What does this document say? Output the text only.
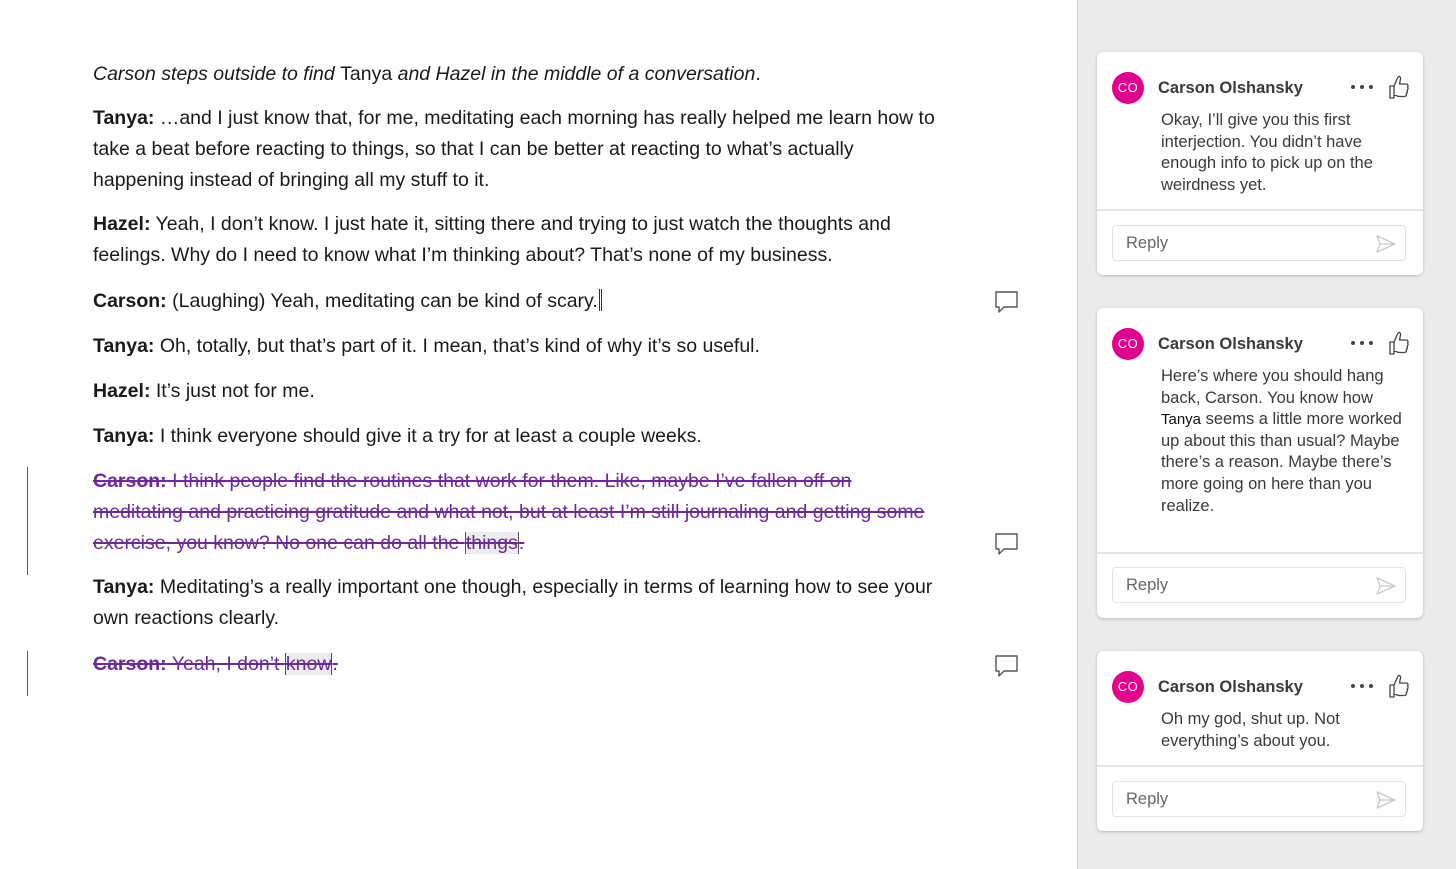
Carson steps outside to find Tanya and Hazel in the middle of a conversation.

Tanya: …and I just know that, for me, meditating each morning has really helped me learn how to take a beat before reacting to things, so that I can be better at reacting to what’s actually happening instead of bringing all my stuff to it.

Hazel: Yeah, I don’t know. I just hate it, sitting there and trying to just watch the thoughts and feelings. Why do I need to know what I’m thinking about? That’s none of my business.

Carson: (Laughing) Yeah, meditating can be kind of scary.

Tanya: Oh, totally, but that’s part of it. I mean, that’s kind of why it’s so useful.

Hazel: It’s just not for me.

Tanya: I think everyone should give it a try for at least a couple weeks.

Carson: I think people find the routines that work for them. Like, maybe I’ve fallen off on meditating and practicing gratitude and what not, but at least I’m still journaling and getting some exercise, you know? No one can do all the things.

Tanya: Meditating’s a really important one though, especially in terms of learning how to see your own reactions clearly.

Carson: Yeah, I don’t know.

CO	Carson Olshansky
Okay, I’ll give you this first interjection. You didn’t have enough info to pick up on the weirdness yet.
Reply
CO	Carson Olshansky
Here’s where you should hang back, Carson. You know how Tanya seems a little more worked up about this than usual? Maybe there’s a reason. Maybe there’s more going on here than you realize.
Reply
CO	Carson Olshansky
Oh my god, shut up. Not everything’s about you.
Reply
